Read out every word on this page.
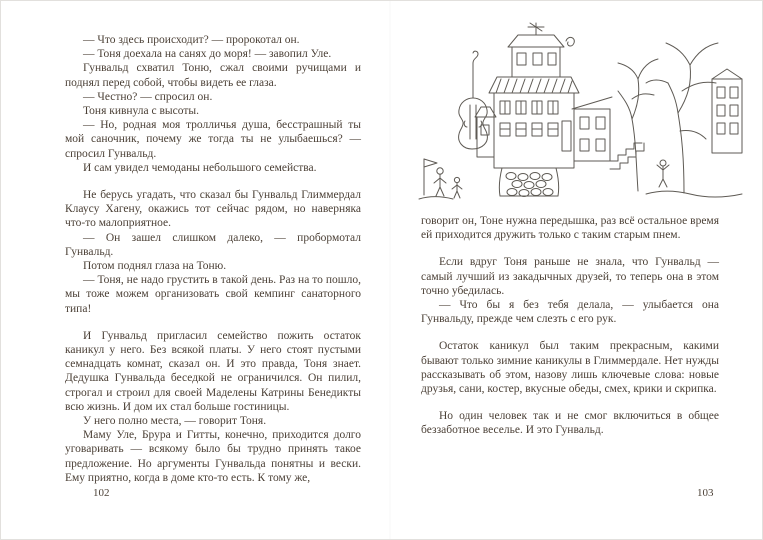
— Что здесь происходит? — пророкотал он.

— Тоня доехала на санях до моря! — завопил Уле.

Гунвальд схватил Тоню, сжал своими ручищами и поднял перед собой, чтобы видеть ее глаза.

— Честно? — спросил он.

Тоня кивнула с высоты.

— Но, родная моя тролличья душа, бесстрашный ты мой саночник, почему же тогда ты не улыбаешься? — спросил Гунвальд.

И сам увидел чемоданы небольшого семейства.

Не берусь угадать, что сказал бы Гунвальд Глиммердал Клаусу Хагену, окажись тот сейчас рядом, но наверняка что-то малоприятное.

— Он зашел слишком далеко, — пробормотал Гунвальд.

Потом поднял глаза на Тоню.

— Тоня, не надо грустить в такой день. Раз на то пошло, мы тоже можем организовать свой кемпинг санаторного типа!

И Гунвальд пригласил семейство пожить остаток каникул у него. Без всякой платы. У него стоят пустыми семнадцать комнат, сказал он. И это правда, Тоня знает. Дедушка Гунвальда беседкой не ограничился. Он пилил, строгал и строил для своей Маделены Катрины Бенедикты всю жизнь. И дом их стал больше гостиницы.

У него полно места, — говорит Тоня.

Маму Уле, Брура и Гитты, конечно, приходится долго уговаривать — всякому было бы трудно принять такое предложение. Но аргументы Гунвальда понятны и вески. Ему приятно, когда в доме кто-то есть. К тому же,

говорит он, Тоне нужна передышка, раз всё остальное время ей приходится дружить только с таким старым пнем.

Если вдруг Тоня раньше не знала, что Гунвальд — самый лучший из закадычных друзей, то теперь она в этом точно убедилась.

— Что бы я без тебя делала, — улыбается она Гунвальду, прежде чем слезть с его рук.

Остаток каникул был таким прекрасным, какими бывают только зимние каникулы в Глиммердале. Нет нужды рассказывать об этом, назову лишь ключевые слова: новые друзья, сани, костер, вкусные обеды, смех, крики и скрипка.

Но один человек так и не смог включиться в общее беззаботное веселье. И это Гунвальд.

102	103
